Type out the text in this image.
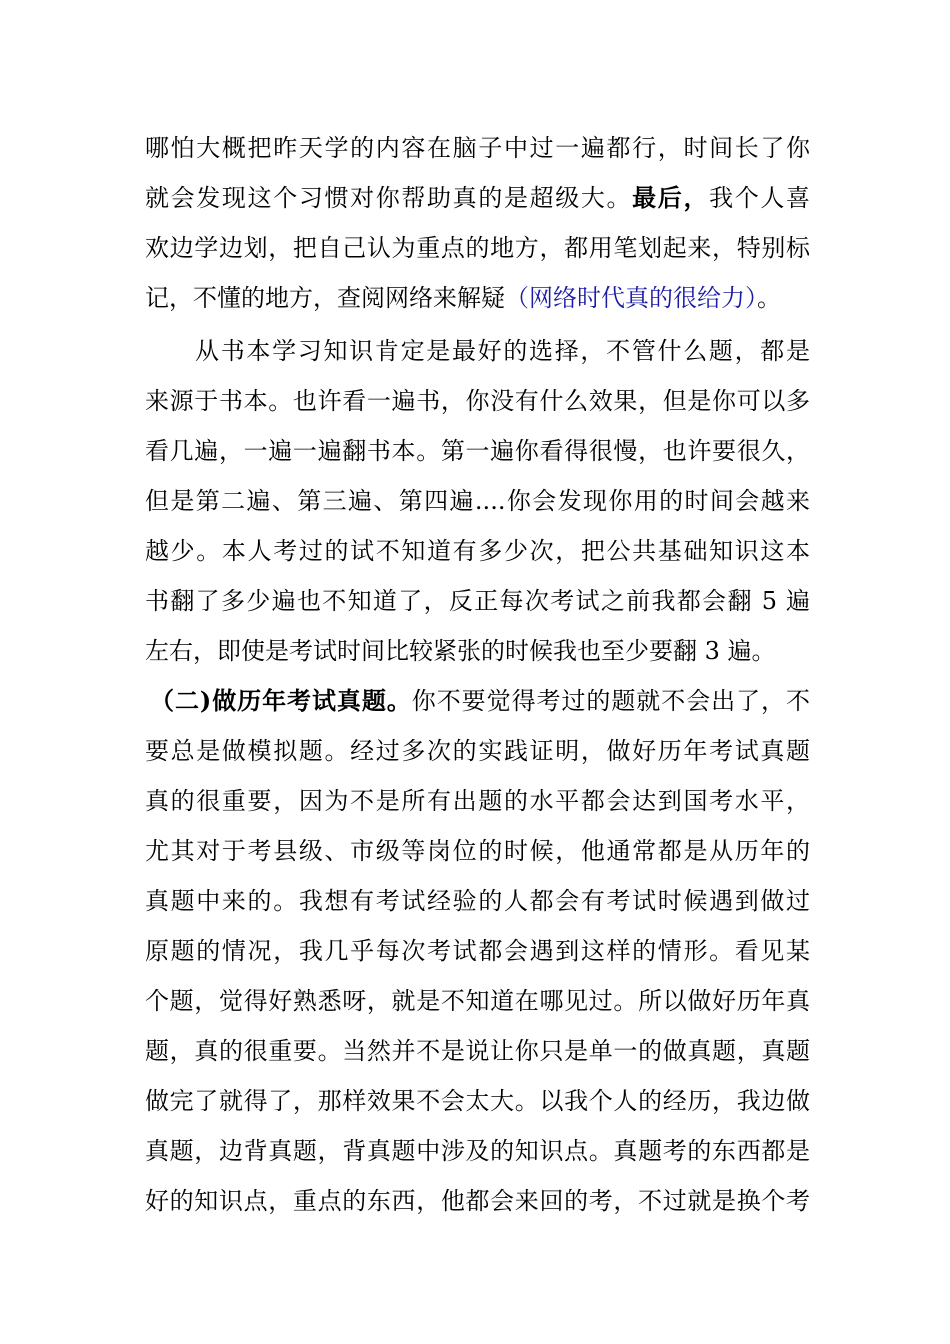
哪怕大概把昨天学的内容在脑子中过一遍都行，时间长了你
就会发现这个习惯对你帮助真的是超级大。最后，我个人喜
欢边学边划，把自己认为重点的地方，都用笔划起来，特别标
记，不懂的地方，查阅网络来解疑（网络时代真的很给力）。
从书本学习知识肯定是最好的选择，不管什么题，都是
来源于书本。也许看一遍书，你没有什么效果，但是你可以多
看几遍，一遍一遍翻书本。第一遍你看得很慢，也许要很久，
但是第二遍、第三遍、第四遍....你会发现你用的时间会越来
越少。本人考过的试不知道有多少次，把公共基础知识这本
书翻了多少遍也不知道了，反正每次考试之前我都会翻 5 遍
左右，即使是考试时间比较紧张的时候我也至少要翻 3 遍。
（二)做历年考试真题。你不要觉得考过的题就不会出了，不
要总是做模拟题。经过多次的实践证明，做好历年考试真题
真的很重要，因为不是所有出题的水平都会达到国考水平，
尤其对于考县级、市级等岗位的时候，他通常都是从历年的
真题中来的。我想有考试经验的人都会有考试时候遇到做过
原题的情况，我几乎每次考试都会遇到这样的情形。看见某
个题，觉得好熟悉呀，就是不知道在哪见过。所以做好历年真
题，真的很重要。当然并不是说让你只是单一的做真题，真题
做完了就得了，那样效果不会太大。以我个人的经历，我边做
真题，边背真题，背真题中涉及的知识点。真题考的东西都是
好的知识点，重点的东西，他都会来回的考，不过就是换个考
